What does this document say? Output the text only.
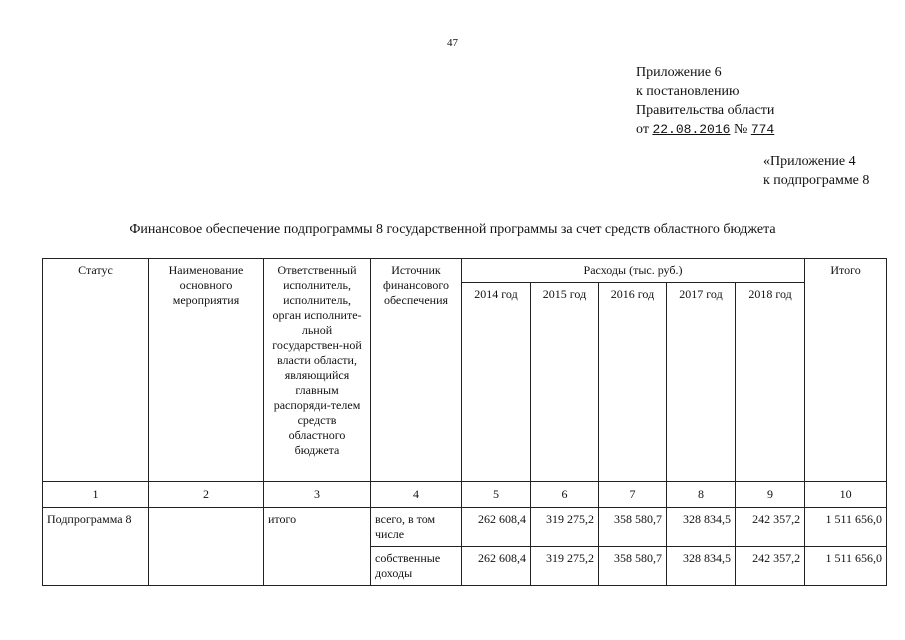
47
Приложение 6
к постановлению
Правительства области
от 22.08.2016 № 774
«Приложение 4
к подпрограмме 8
Финансовое обеспечение подпрограммы 8 государственной программы за счет средств областного бюджета
Статус	Наименование основного мероприятия	Ответственный исполнитель, исполнитель, орган исполните-льной государствен-ной власти области, являющийся главным распоряди-телем средств областного бюджета	Источник финансового обеспечения	Расходы (тыс. руб.)					Итого
				2014 год	2015 год	2016 год	2017 год	2018 год	
1	2	3	4	5	6	7	8	9	10
Подпрограмма 8		итого	всего, в том числе	262 608,4	319 275,2	358 580,7	328 834,5	242 357,2	1 511 656,0
			собственные доходы	262 608,4	319 275,2	358 580,7	328 834,5	242 357,2	1 511 656,0
